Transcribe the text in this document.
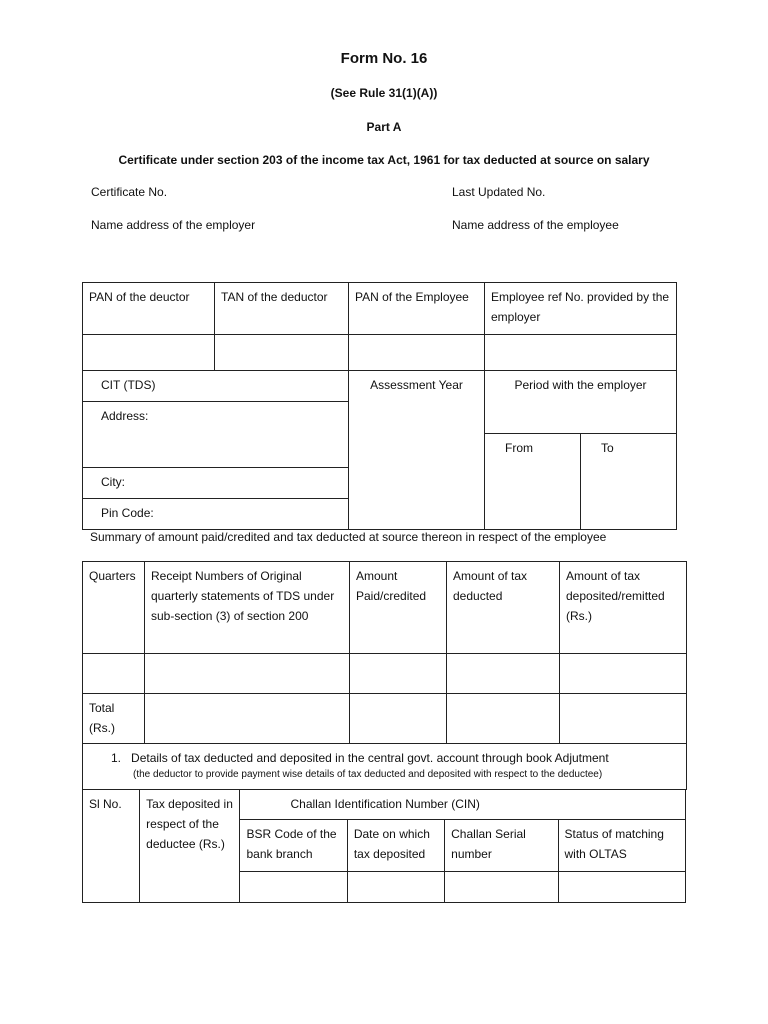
Form No. 16
(See Rule 31(1)(A))
Part A
Certificate under section 203 of the income tax Act, 1961 for tax deducted at source on salary
Certificate No.	Last Updated No.
Name address of the employer	Name address of the employee
PAN of the deuctor	TAN of the deductor	PAN of the Employee	Employee ref No. provided by the employer	

CIT (TDS)		Assessment Year	Period with the employer	
Address:				
			From	To
City:				
Pin Code:				
Summary of amount paid/credited and tax deducted at source thereon in respect of the employee
Quarters	Receipt Numbers of Original quarterly statements of TDS under sub-section (3) of section 200	Amount Paid/credited	Amount of tax deducted	Amount of tax deposited/remitted (Rs.)

Total (Rs.)				

1. Details of tax deducted and deposited in the central govt. account through book Adjutment
(the deductor to provide payment wise details of tax deducted and deposited with respect to the deductee)				
Sl No.	Tax deposited in respect of the deductee (Rs.)	Challan Identification Number (CIN)			
		BSR Code of the bank branch	Date on which tax deposited	Challan Serial number	Status of matching with OLTAS
